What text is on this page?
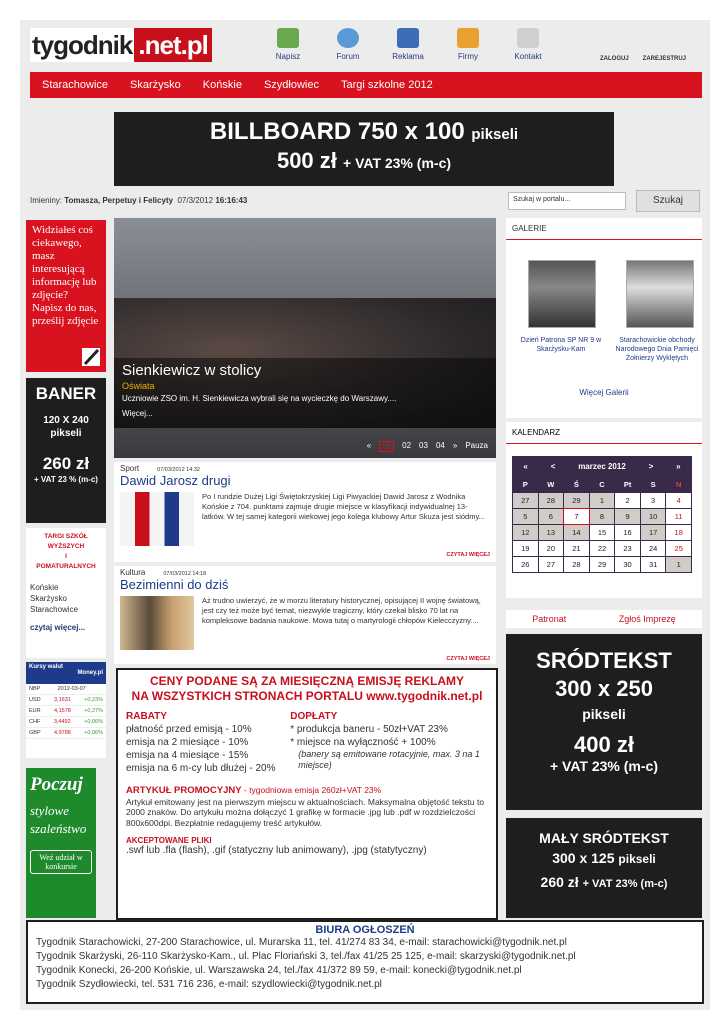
tygodnik .net.pl	Napisz	Forum	Reklama	Firmy	Kontakt	ZALOGUJ ZAREJESTRUJ
Starachowice Skarżysko Końskie Szydłowiec Targi szkolne 2012
BILLBOARD 750 x 100 pikseli
500 zł + VAT 23% (m-c)
Imieniny: Tomasza, Perpetuy i Felicyty 07/3/2012 16:16:43	Szukaj w portalu...	Szukaj
Widziałeś coś ciekawego, masz interesującą informację lub zdjęcie? Napisz do nas, prześlij zdjęcie
BANER
120 X 240
pikseli
260 zł
+ VAT 23 % (m-c)
TARGI SZKÓŁ
WYŻSZYCH
I
POMATURALNYCH
Końskie
Skarżysko
Starachowice
czytaj więcej...
Kursy walut
Money.pl
NBP	2012-03-07
USD 3,1631 +0,23%
EUR 4,1578 +0,27%
CHF 3,4492 +0,06%
GBP 4,9788 +0,06%
Poczuj
stylowe szaleństwo
Weź udział w konkursie
Sienkiewicz w stolicy
Oświata
Uczniowie ZSO im. H. Sienkiewicza wybrali się na wycieczkę do Warszawy....
Więcej...
«	01	02 03 04 » Pauza
Sport	07/03/2012 14:32
Dawid Jarosz drugi
Po I rundzie Dużej Ligi Świętokrzyskiej Ligi Piwyackiej Dawid Jarosz z Wodnika Końskie z 704. punktami zajmuje drugie miejsce w klasyfikacji indywidualnej 13-latków. W tej samej kategorii wiekowej jego kolega klubowy Artur Skuza jest siódmy...
CZYTAJ WIĘCEJ
Kultura	07/03/2012 14:18
Bezimienni do dziś
Aż trudno uwierzyć, że w morzu literatury historycznej, opisującej II wojnę światową, jest czy też może być temat, niezwykle tragiczny, który czekał blisko 70 lat na kompleksowe badania naukowe. Mowa tutaj o martyrologii chłopów Kielecczyzny....
CZYTAJ WIĘCEJ
CENY PODANE SĄ ZA MIESIĘCZNĄ EMISJĘ REKLAMY
NA WSZYSTKICH STRONACH PORTALU www.tygodnik.net.pl
RABATY
płatność przed emisją - 10%
emisja na 2 miesiące - 10%
emisja na 4 miesiące - 15%
emisja na 6 m-cy lub dłużej - 20%
DOPŁATY
* produkcja baneru - 50zł+VAT 23%
* miejsce na wyłączność + 100%
(banery są emitowane rotacyjnie, max. 3 na 1 miejsce)
ARTYKUŁ PROMOCYJNY - tygodniowa emisja 260zł+VAT 23%
Artykuł emitowany jest na pierwszym miejscu w aktualnościach. Maksymalna objętość tekstu to 2000 znaków. Do artykułu można dołączyć 1 grafikę w formacie .jpg lub .pdf w rozdzielczości 800x600dpi. Bezpłatnie redagujemy treść artykułów.
AKCEPTOWANE PLIKI
.swf lub .fla (flash), .gif (statyczny lub animowany), .jpg (statytyczny)
GALERIE
Dzień Patrona SP NR 9 w Skarżysku-Kam
Starachowickie obchody Narodowego Dnia Pamięci Żołnierzy Wyklętych
Więcej Galerii
KALENDARZ
«	<	marzec 2012	>	»
P	W	Ś	C	Pt	S	N
27	28	29	1	2	3	4
5	6	7	8	9	10	11
12	13	14	15	16	17	18
19	20	21	22	23	24	25
26	27	28	29	30	31	1
Patronat	Zgłoś Imprezę
SRÓDTEKST
300 x 250
pikseli
400 zł
+ VAT 23% (m-c)
MAŁY SRÓDTEKST
300 x 125 pikseli
260 zł + VAT 23% (m-c)
BIURA OGŁOSZEŃ
Tygodnik Starachowicki, 27-200 Starachowice, ul. Murarska 11, tel. 41/274 83 34, e-mail: starachowicki@tygodnik.net.pl
Tygodnik Skarżyski, 26-110 Skarżysko-Kam., ul. Plac Floriański 3, tel./fax 41/25 25 125, e-mail: skarzyski@tygodnik.net.pl
Tygodnik Konecki, 26-200 Końskie, ul. Warszawska 24, tel./fax 41/372 89 59, e-mail: konecki@tygodnik.net.pl
Tygodnik Szydłowiecki, tel. 531 716 236, e-mail: szydlowiecki@tygodnik.net.pl
